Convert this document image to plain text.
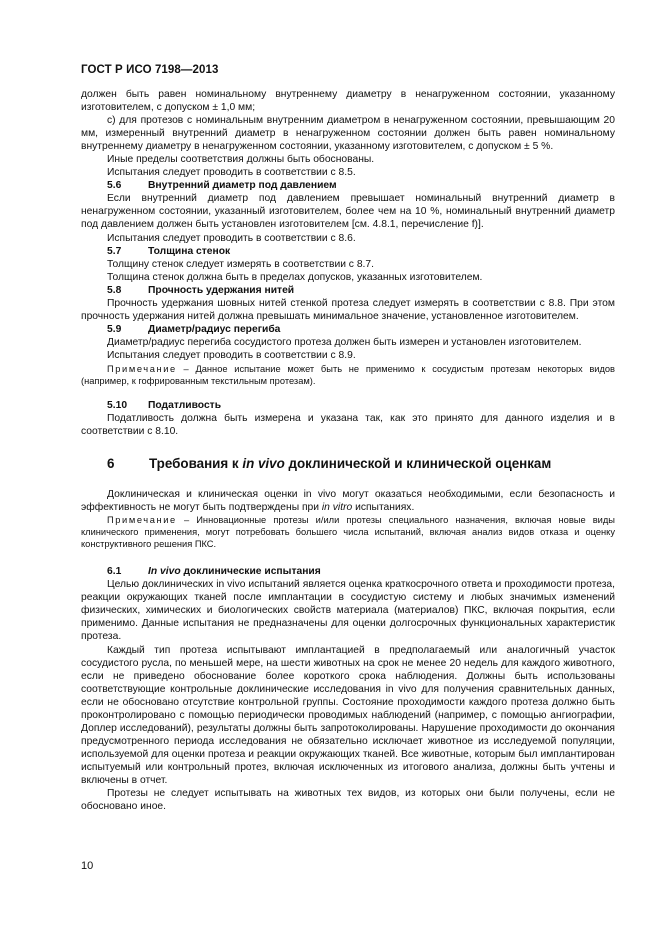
ГОСТ Р ИСО 7198—2013

должен быть равен номинальному внутреннему диаметру в ненагруженном состоянии, указанному изготовителем, с допуском ± 1,0 мм;

с) для протезов с номинальным внутренним диаметром в ненагруженном состоянии, превышающим 20 мм, измеренный внутренний диаметр в ненагруженном состоянии должен быть равен номинальному внутреннему диаметру в ненагруженном состоянии, указанному изготовителем, с допуском ± 5 %.

Иные пределы соответствия должны быть обоснованы.

Испытания следует проводить в соответствии с 8.5.

5.6	Внутренний диаметр под давлением

Если внутренний диаметр под давлением превышает номинальный внутренний диаметр в ненагруженном состоянии, указанный изготовителем, более чем на 10 %, номинальный внутренний диаметр под давлением должен быть установлен изготовителем [см. 4.8.1, перечисление f)].

Испытания следует проводить в соответствии с 8.6.

5.7	Толщина стенок

Толщину стенок следует измерять в соответствии с 8.7.

Толщина стенок должна быть в пределах допусков, указанных изготовителем.

5.8	Прочность удержания нитей

Прочность удержания шовных нитей стенкой протеза следует измерять в соответствии с 8.8. При этом прочность удержания нитей должна превышать минимальное значение, установленное изготовителем.

5.9	Диаметр/радиус перегиба

Диаметр/радиус перегиба сосудистого протеза должен быть измерен и установлен изготовителем.

Испытания следует проводить в соответствии с 8.9.

Примечание – Данное испытание может быть не применимо к сосудистым протезам некоторых видов (например, к гофрированным текстильным протезам).

5.10	Податливость

Податливость должна быть измерена и указана так, как это принято для данного изделия и в соответствии с 8.10.

6	Требования к in vivo доклинической и клинической оценкам

Доклиническая и клиническая оценки in vivo могут оказаться необходимыми, если безопасность и эффективность не могут быть подтверждены при in vitro испытаниях.

Примечание – Инновационные протезы и/или протезы специального назначения, включая новые виды клинического применения, могут потребовать большего числа испытаний, включая анализ видов отказа и оценку конструктивного решения ПКС.

6.1	In vivo доклинические испытания

Целью доклинических in vivo испытаний является оценка краткосрочного ответа и проходимости протеза, реакции окружающих тканей после имплантации в сосудистую систему и любых значимых изменений физических, химических и биологических свойств материала (материалов) ПКС, включая покрытия, если применимо. Данные испытания не предназначены для оценки долгосрочных функциональных характеристик протеза.

Каждый тип протеза испытывают имплантацией в предполагаемый или аналогичный участок сосудистого русла, по меньшей мере, на шести животных на срок не менее 20 недель для каждого животного, если не приведено обоснование более короткого срока наблюдения. Должны быть использованы соответствующие контрольные доклинические исследования in vivo для получения сравнительных данных, если не обосновано отсутствие контрольной группы. Состояние проходимости каждого протеза должно быть проконтролировано с помощью периодически проводимых наблюдений (например, с помощью ангиографии, Доплер исследований), результаты должны быть запротоколированы. Нарушение проходимости до окончания предусмотренного периода исследования не обязательно исключает животное из исследуемой популяции, используемой для оценки протеза и реакции окружающих тканей. Все животные, которым был имплантирован испытуемый или контрольный протез, включая исключенных из итогового анализа, должны быть учтены и включены в отчет.

Протезы не следует испытывать на животных тех видов, из которых они были получены, если не обосновано иное.

10
